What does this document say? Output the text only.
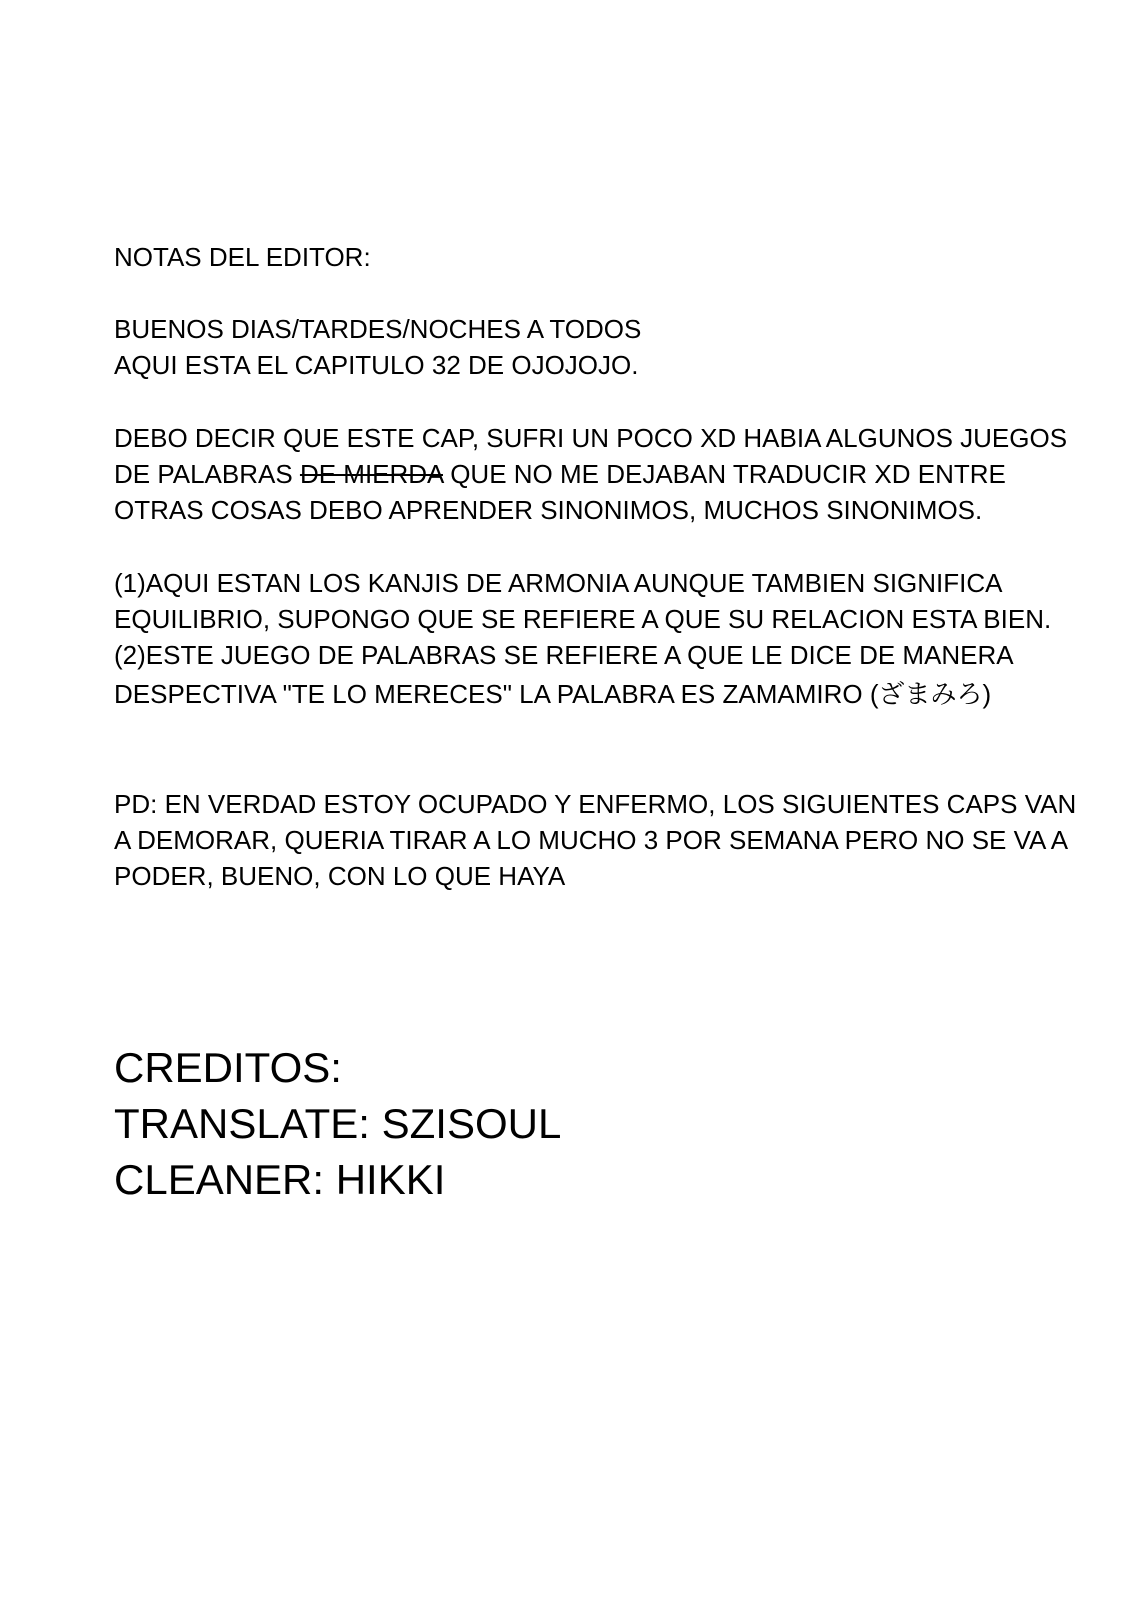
NOTAS DEL EDITOR:
BUENOS DIAS/TARDES/NOCHES A TODOS
AQUI ESTA EL CAPITULO 32 DE OJOJOJO.
DEBO DECIR QUE ESTE CAP, SUFRI UN POCO XD HABIA ALGUNOS JUEGOS
DE PALABRAS DE MIERDA QUE NO ME DEJABAN TRADUCIR XD ENTRE
OTRAS COSAS DEBO APRENDER SINONIMOS, MUCHOS SINONIMOS.
(1)AQUI ESTAN LOS KANJIS DE ARMONIA AUNQUE TAMBIEN SIGNIFICA
EQUILIBRIO, SUPONGO QUE SE REFIERE A QUE SU RELACION ESTA BIEN.
(2)ESTE JUEGO DE PALABRAS SE REFIERE A QUE LE DICE DE MANERA
DESPECTIVA "TE LO MERECES" LA PALABRA ES ZAMAMIRO (ざまみろ)
PD: EN VERDAD ESTOY OCUPADO Y ENFERMO, LOS SIGUIENTES CAPS VAN
A DEMORAR, QUERIA TIRAR A LO MUCHO 3 POR SEMANA PERO NO SE VA A
PODER, BUENO, CON LO QUE HAYA
CREDITOS:
TRANSLATE: SZISOUL
CLEANER: HIKKI
